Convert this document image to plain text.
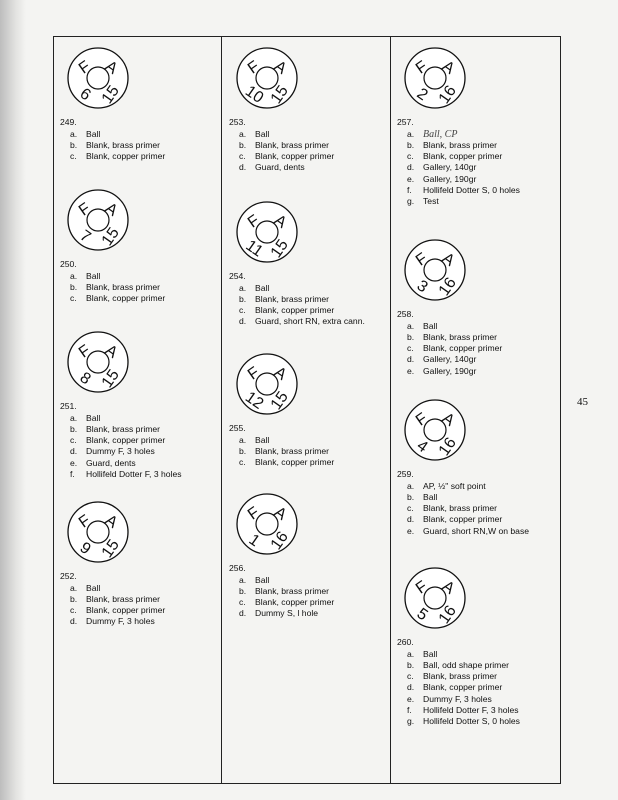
45
F A
6 15
249.
a. Ball
b. Blank, brass primer
c. Blank, copper primer
F A
7 15
250.
a. Ball
b. Blank, brass primer
c. Blank, copper primer
F A
8 15
251.
a. Ball
b. Blank, brass primer
c. Blank, copper primer
d. Dummy F, 3 holes
e. Guard, dents
f. Hollifeld Dotter F, 3 holes
F A
9 15
252.
a. Ball
b. Blank, brass primer
c. Blank, copper primer
d. Dummy F, 3 holes
F A
10 15
253.
a. Ball
b. Blank, brass primer
c. Blank, copper primer
d. Guard, dents
F A
11 15
254.
a. Ball
b. Blank, brass primer
c. Blank, copper primer
d. Guard, short RN, extra cann.
F A
12 15
255.
a. Ball
b. Blank, brass primer
c. Blank, copper primer
F A
1 16
256.
a. Ball
b. Blank, brass primer
c. Blank, copper primer
d. Dummy S, l hole
F A
2 16
257.
a. Ball, CP
b. Blank, brass primer
c. Blank, copper primer
d. Gallery, 140gr
e. Gallery, 190gr
f. Hollifeld Dotter S, 0 holes
g. Test
F A
3 16
258.
a. Ball
b. Blank, brass primer
c. Blank, copper primer
d. Gallery, 140gr
e. Gallery, 190gr
F A
4 16
259.
a. AP, ½" soft point
b. Ball
c. Blank, brass primer
d. Blank, copper primer
e. Guard, short RN,W on base
F A
5 16
260.
a. Ball
b. Ball, odd shape primer
c. Blank, brass primer
d. Blank, copper primer
e. Dummy F, 3 holes
f. Hollifeld Dotter F, 3 holes
g. Hollifeld Dotter S, 0 holes
